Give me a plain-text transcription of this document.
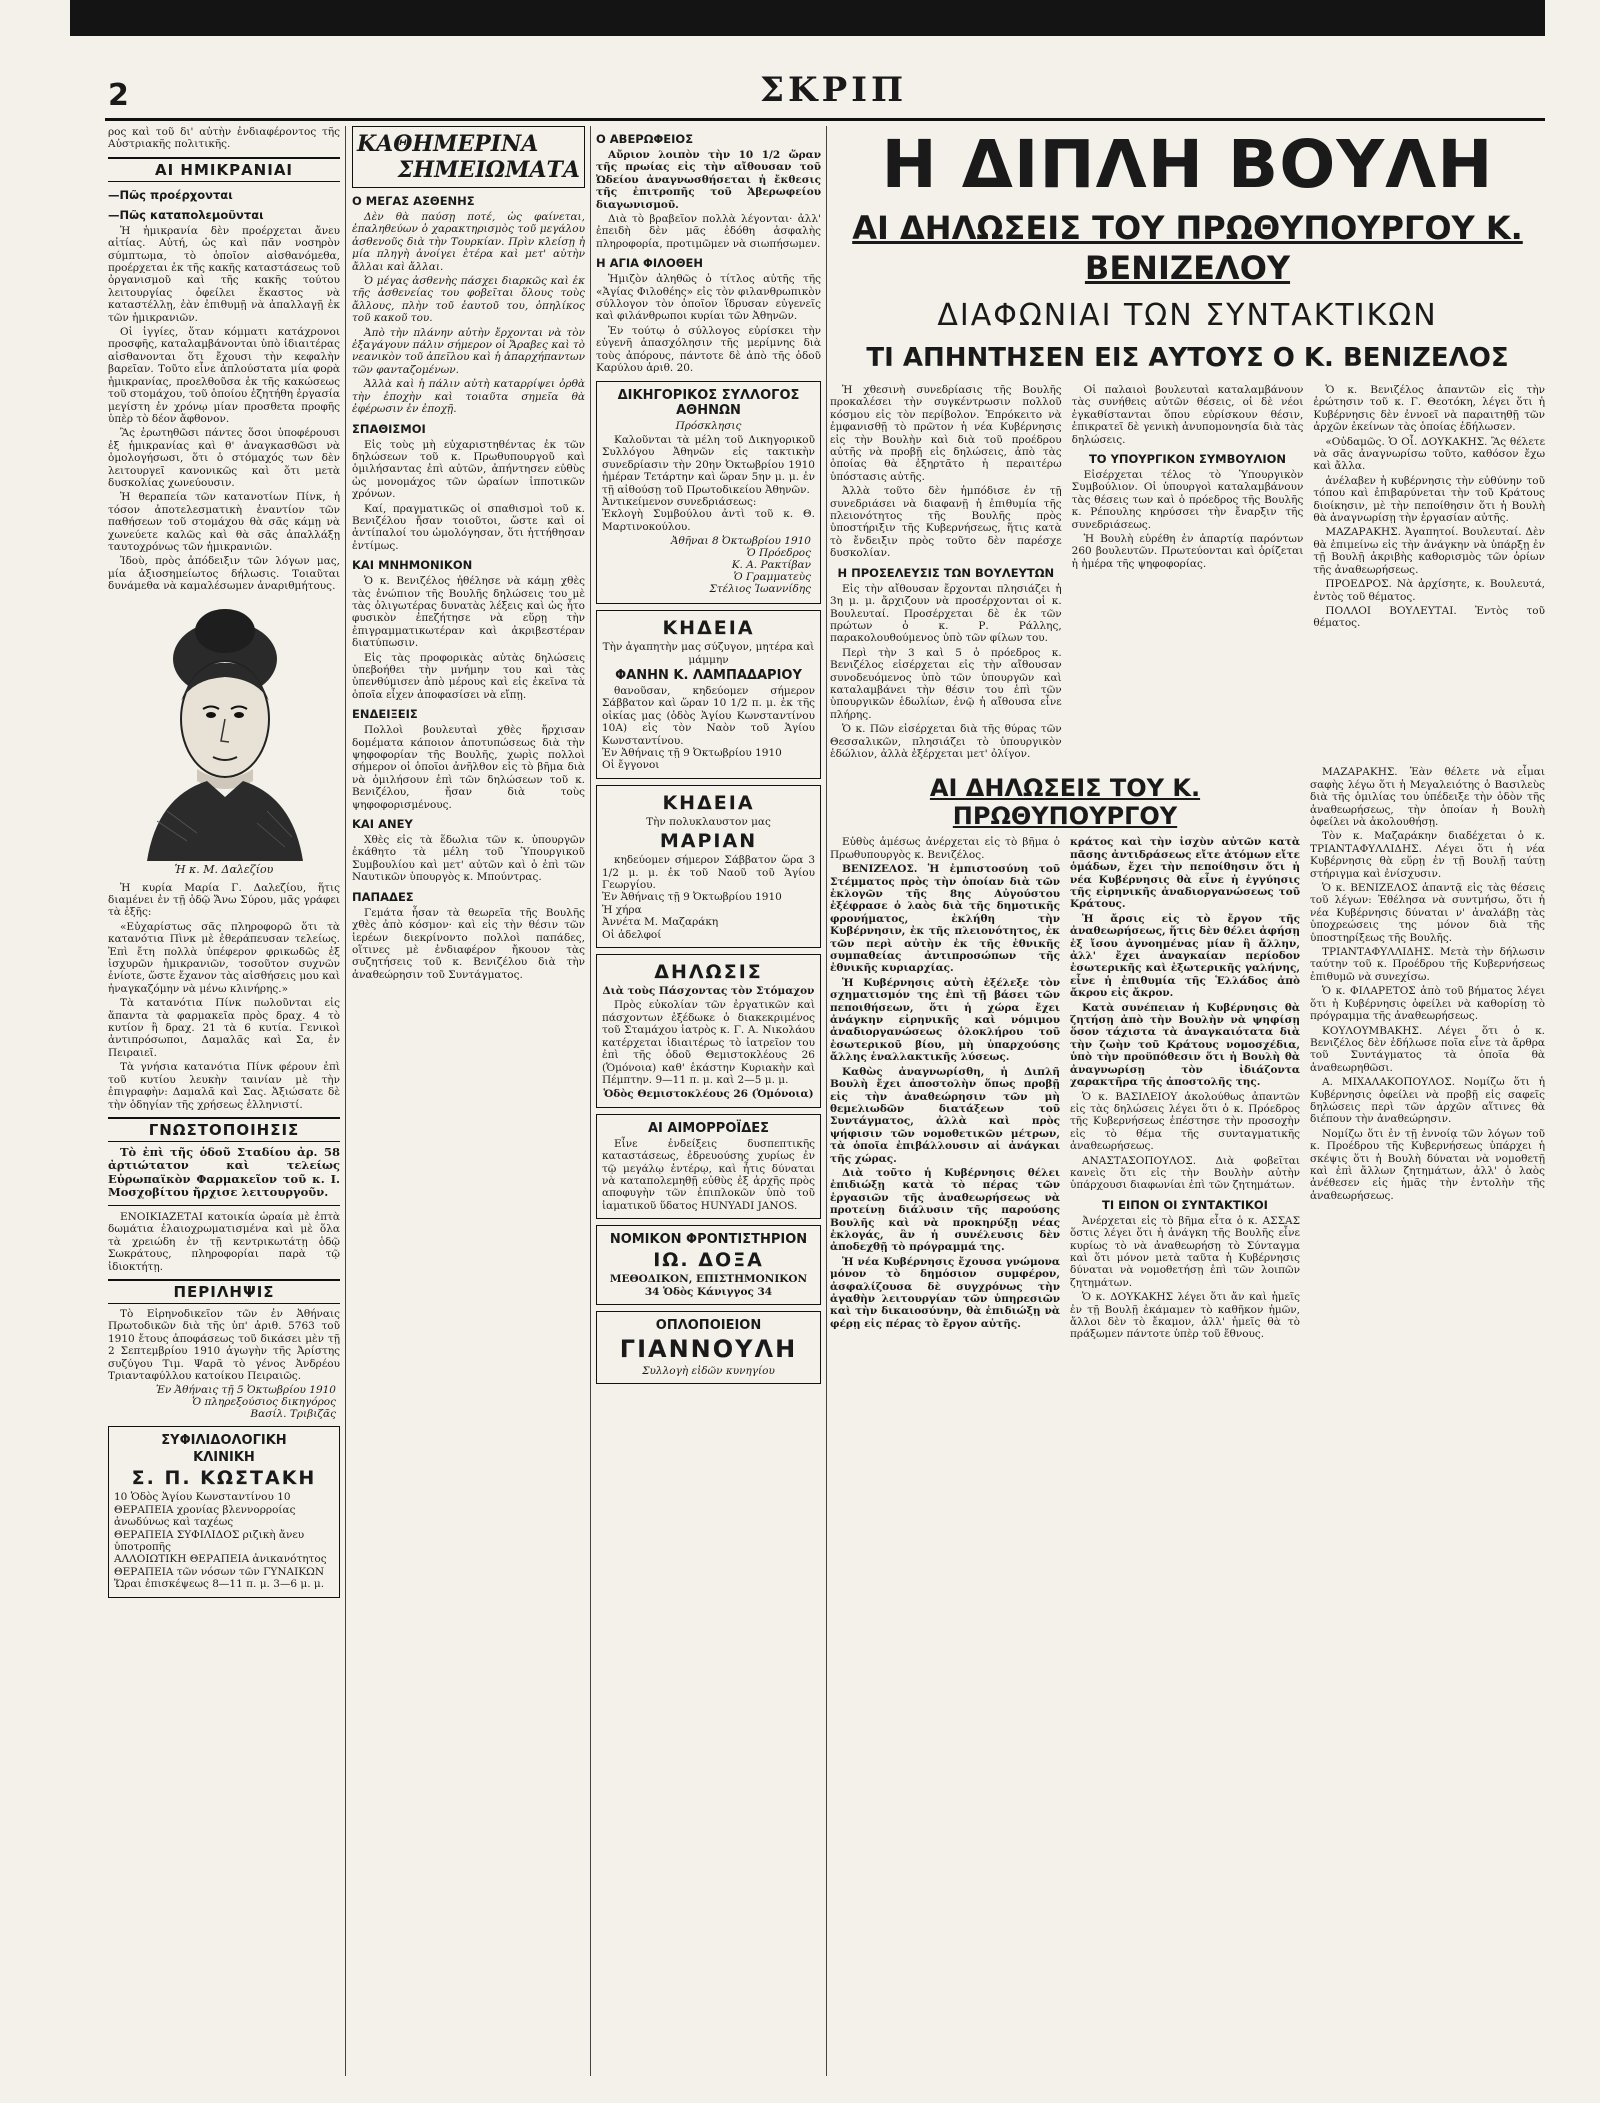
2	ΣΚΡΙΠ

ρος καὶ τοῦ δι' αὐτὴν ἐνδιαφέροντος τῆς Αὐστριακῆς πολιτικῆς.

ΑΙ ΗΜΙΚΡΑΝΙΑΙ
—Πῶς προέρχονται
—Πῶς καταπολεμοῦνται

Ἡ ἡμικρανία δὲν προέρχεται ἄνευ αἰτίας. Αὐτή, ὡς καὶ πᾶν νοσηρὸν σύμπτωμα, τὸ ὁποῖον αἰσθανόμεθα, προέρχεται ἐκ τῆς κακῆς καταστάσεως τοῦ ὀργανισμοῦ καὶ τῆς κακῆς τούτου λειτουργίας ὀφείλει ἕκαστος νὰ καταστέλλῃ, ἐὰν ἐπιθυμῇ νὰ ἀπαλλαγῇ ἐκ τῶν ἡμικρανιῶν.

Οἱ ἰγγίες, ὅταν κόμματι κατάχρονοι προσφῆς, καταλαμβάνονται ὑπὸ ἰδιαιτέρας αἰσθανονται ὅτι ἔχουσι τὴν κεφαλὴν βαρεῖαν. Τοῦτο εἶνε ἀπλούστατα μία φορὰ ἡμικρανίας, προελθοῦσα ἐκ τῆς κακώσεως τοῦ στομάχου, τοῦ ὁποίου ἐζητήθη ἐργασία μεγίστη ἐν χρόνῳ μίαν προσθετα προφῆς ὑπὲρ τὸ δέον ἄφθονον.

Ἂς ἐρωτηθῶσι πάντες ὅσοι ὑποφέρουσι ἐξ ἡμικρανίας καὶ θ' ἀναγκασθῶσι νὰ ὁμολογήσωσι, ὅτι ὁ στόμαχός των δὲν λειτουργεῖ κανονικῶς καὶ ὅτι μετὰ δυσκολίας χωνεύουσιν.

Ἡ θεραπεία τῶν κατανοτίων Πίνκ, ἡ τόσον ἀποτελεσματικὴ ἐναντίον τῶν παθήσεων τοῦ στομάχου θὰ σᾶς κάμῃ νὰ χωνεύετε καλῶς καὶ θὰ σᾶς ἀπαλλάξῃ ταυτοχρόνως τῶν ἡμικρανιῶν.

Ἰδοὺ, πρὸς ἀπόδειξιν τῶν λόγων μας, μία ἀξιοσημείωτος δήλωσις. Τοιαῦται δυνάμεθα νὰ καμαλέσωμεν ἀναριθμήτους.

Ἡ κ. Μ. Δαλεζίου

Ἡ κυρία Μαρία Γ. Δαλεζίου, ἥτις διαμένει ἐν τῇ ὁδῷ Ἄνω Σύρου, μᾶς γράφει τὰ ἑξῆς:

«Εὐχαρίστως σᾶς πληροφορῶ ὅτι τὰ κατανότια Πὶνκ μὲ ἐθεράπευσαν τελείως. Ἐπὶ ἔτη πολλὰ ὑπέφερον φρικωδῶς ἐξ ἰσχυρῶν ἡμικρανιῶν, τοσοῦτον συχνῶν ἐνίοτε, ὥστε ἔχανον τὰς αἰσθήσεις μου καὶ ἠναγκαζόμην νὰ μένω κλινήρης.»

Τὰ κατανότια Πίνκ πωλοῦνται εἰς ἅπαντα τὰ φαρμακεῖα πρὸς δραχ. 4 τὸ κυτίον ἢ δραχ. 21 τὰ 6 κυτία. Γενικοὶ ἀντιπρόσωποι, Δαμαλᾶς καὶ Σα, ἐν Πειραιεῖ.

Τὰ γνήσια κατανότια Πίνκ φέρουν ἐπὶ τοῦ κυτίου λευκὴν ταινίαν μὲ τὴν ἐπιγραφὴν: Δαμαλᾶ καὶ Σας. Ἀξιώσατε δὲ τὴν ὁδηγίαν τῆς χρήσεως ἑλληνιστί.

ΓΝΩΣΤΟΠΟΙΗΣΙΣ

Τὸ ἐπὶ τῆς ὁδοῦ Σταδίου ἀρ. 58 ἀρτιώτατον καὶ τελείως Εὐρωπαϊκὸν Φαρμακεῖον τοῦ κ. Ι. Μοσχοβίτου ἤρχισε λειτουργοῦν.

ΕΝΟΙΚΙΑΖΕΤΑΙ κατοικία ὡραία μὲ ἑπτὰ δωμάτια ἐλαιοχρωματισμένα καὶ μὲ ὅλα τὰ χρειώδη ἐν τῇ κεντρικωτάτῃ ὁδῷ Σωκράτους, πληροφορίαι παρὰ τῷ ἰδιοκτήτῃ.

ΠΕΡΙΛΗΨΙΣ

Τὸ Εἰρηνοδικεῖον τῶν ἐν Ἀθήναις Πρωτοδικῶν διὰ τῆς ὑπ' ἀριθ. 5763 τοῦ 1910 ἔτους ἀποφάσεως τοῦ δικάσει μὲν τῇ 2 Σεπτεμβρίου 1910 ἀγωγὴν τῆς Ἀρίστης συζύγου Τιμ. Ψαρᾶ τὸ γένος Ἀνδρέου Τριανταφύλλου κατοίκου Πειραιῶς.

Ἐν Ἀθήναις τῇ 5 Ὀκτωβρίου 1910
Ὁ πληρεξούσιος δικηγόρος
Βασίλ. Τριβιζᾶς
ΣΥΦΙΛΙΔΟΛΟΓΙΚΗ
ΚΛΙΝΙΚΗ
Σ. Π. ΚΩΣΤΑΚΗ
10 Ὁδὸς Ἁγίου Κωνσταντίνου 10
ΘΕΡΑΠΕΙΑ χρονίας βλεννορροίας ἀνωδύνως καὶ ταχέως
ΘΕΡΑΠΕΙΑ ΣΥΦΙΛΙΔΟΣ ριζικὴ ἄνευ ὑποτροπῆς
ΑΛΛΟΙΩΤΙΚΗ ΘΕΡΑΠΕΙΑ ἀνικανότητος
ΘΕΡΑΠΕΙΑ τῶν νόσων τῶν ΓΥΝΑΙΚΩΝ
Ὥραι ἐπισκέψεως 8—11 π. μ. 3—6 μ. μ.
ΚΑΘΗΜΕΡΙΝΑ
ΣΗΜΕΙΩΜΑΤΑ
Ο ΜΕΓΑΣ ΑΣΘΕΝΗΣ

Δὲν θὰ παύσῃ ποτέ, ὡς φαίνεται, ἐπαληθεύων ὁ χαρακτηρισμὸς τοῦ μεγάλου ἀσθενοῦς διὰ τὴν Τουρκίαν. Πρὶν κλείσῃ ἡ μία πληγὴ ἀνοίγει ἑτέρα καὶ μετ' αὐτὴν ἄλλαι καὶ ἄλλαι.

Ὁ μέγας ἀσθενὴς πάσχει διαρκῶς καὶ ἐκ τῆς ἀσθενείας του φοβεῖται ὅλους τοὺς ἄλλους, πλὴν τοῦ ἑαυτοῦ του, ὁπηλίκος τοῦ κακοῦ του.

Ἀπὸ τὴν πλάνην αὐτὴν ἔρχονται νὰ τὸν ἐξαγάγουν πάλιν σήμερον οἱ Ἄραβες καὶ τὸ νεανικὸν τοῦ ἀπεῖλου καὶ ἡ ἀπαρχήπαντων τῶν φανταζομένων.

Ἀλλὰ καὶ ἡ πάλιν αὐτὴ καταρρίψει ὀρθὰ τὴν ἐποχὴν καὶ τοιαῦτα σημεῖα θὰ ἐφέρωσιν ἐν ἐποχῇ.

ΣΠΑΘΙΣΜΟΙ

Εἰς τοὺς μὴ εὐχαριστηθέντας ἐκ τῶν δηλώσεων τοῦ κ. Πρωθυπουργοῦ καὶ ὁμιλήσαντας ἐπὶ αὐτῶν, ἀπήντησεν εὐθὺς ὡς μονομάχος τῶν ὡραίων ἱπποτικῶν χρόνων.

Καί, πραγματικῶς οἱ σπαθισμοὶ τοῦ κ. Βενιζέλου ἤσαν τοιοῦτοι, ὥστε καὶ οἱ ἀντίπαλοί του ὡμολόγησαν, ὅτι ἡττήθησαν ἐντίμως.

ΚΑΙ ΜΝΗΜΟΝΙΚΟΝ

Ὁ κ. Βενιζέλος ἠθέλησε νὰ κάμῃ χθὲς τὰς ἐνώπιον τῆς Βουλῆς δηλώσεις του μὲ τὰς ὀλιγωτέρας δυνατὰς λέξεις καὶ ὡς ἦτο φυσικὸν ἐπεζήτησε νὰ εὕρῃ τὴν ἐπιγραμματικωτέραν καὶ ἀκριβεστέραν διατύπωσιν.

Εἰς τὰς προφορικὰς αὐτὰς δηλώσεις ὑπεβοήθει τὴν μνήμην του καὶ τὰς ὑπενθύμισεν ἀπὸ μέρους καὶ εἰς ἐκεῖνα τὰ ὁποῖα εἶχεν ἀποφασίσει νὰ εἴπῃ.

ΕΝΔΕΙΞΕΙΣ

Πολλοὶ βουλευταὶ χθὲς ἤρχισαν δομέματα κάποιον ἀποτυπώσεως διὰ τὴν ψηφοφορίαν τῆς Βουλῆς, χωρὶς πολλοὶ σήμερον οἱ ὁποῖοι ἀνῆλθον εἰς τὸ βῆμα διὰ νὰ ὁμιλήσουν ἐπὶ τῶν δηλώσεων τοῦ κ. Βενιζέλου, ἤσαν διὰ τοὺς ψηφοφορισμένους.

ΚΑΙ ΑΝΕΥ

Χθὲς εἰς τὰ ἕδωλια τῶν κ. ὑπουργῶν ἐκάθητο τὰ μέλη τοῦ Ὑπουργικοῦ Συμβουλίου καὶ μετ' αὐτῶν καὶ ὁ ἐπὶ τῶν Ναυτικῶν ὑπουργὸς κ. Μπούντρας.

ΠΑΠΑΔΕΣ

Γεμάτα ἦσαν τὰ θεωρεῖα τῆς Βουλῆς χθὲς ἀπὸ κόσμον· καὶ εἰς τὴν θέσιν τῶν ἱερέων διεκρίνοντο πολλοὶ παπάδες, οἵτινες μὲ ἐνδιαφέρον ἤκουον τὰς συζητήσεις τοῦ κ. Βενιζέλου διὰ τὴν ἀναθεώρησιν τοῦ Συντάγματος.

Ο ΑΒΕΡΩΦΕΙΟΣ

Αὔριον λοιπὸν τὴν 10 1/2 ὥραν τῆς πρωίας εἰς τὴν αἴθουσαν τοῦ Ὠδείου ἀναγνωσθήσεται ἡ ἔκθεσις τῆς ἐπιτροπῆς τοῦ Ἀβερωφείου διαγωνισμοῦ.

Διὰ τὸ βραβεῖον πολλὰ λέγονται· ἀλλ' ἐπειδὴ δὲν μᾶς ἐδόθη ἀσφαλὴς πληροφορία, προτιμῶμεν νὰ σιωπήσωμεν.

Η ΑΓΙΑ ΦΙΛΟΘΕΗ

Ἡμιζὸν ἀληθῶς ὁ τίτλος αὐτῆς τῆς «Ἁγίας Φιλοθέης» εἰς τὸν φιλανθρωπικὸν σύλλογον τὸν ὁποῖον ἵδρυσαν εὐγενεῖς καὶ φιλάνθρωποι κυρίαι τῶν Ἀθηνῶν.

Ἐν τούτῳ ὁ σύλλογος εὐρίσκει τὴν εὐγενῆ ἀπασχόλησιν τῆς μερίμνης διὰ τοὺς ἀπόρους, πάντοτε δὲ ἀπὸ τῆς ὁδοῦ Καρύλου ἀριθ. 20.

ΔΙΚΗΓΟΡΙΚΟΣ ΣΥΛΛΟΓΟΣ ΑΘΗΝΩΝ
Πρόσκλησις

Καλοῦνται τὰ μέλη τοῦ Δικηγορικοῦ Συλλόγου Ἀθηνῶν εἰς τακτικὴν συνεδρίασιν τὴν 20ην Ὀκτωβρίου 1910 ἡμέραν Τετάρτην καὶ ὥραν 5ην μ. μ. ἐν τῇ αἰθούσῃ τοῦ Πρωτοδικείου Ἀθηνῶν.
Ἀντικείμενον συνεδριάσεως:
Ἐκλογὴ Συμβούλου ἀντὶ τοῦ κ. Θ. Μαρτινοκούλου.

Ἀθῆναι 8 Ὀκτωβρίου 1910
Ὁ Πρόεδρος
Κ. Α. Ρακτίβαν
Ὁ Γραμματεὺς
Στέλιος Ἰωαννίδης
ΚΗΔΕΙΑ
Τὴν ἀγαπητὴν μας σύζυγον, μητέρα καὶ μάμμην
ΦΑΝΗΝ Κ. ΛΑΜΠΑΔΑΡΙΟΥ

θανοῦσαν, κηδεύομεν σήμερον Σάββατον καὶ ὥραν 10 1/2 π. μ. ἐκ τῆς οἰκίας μας (ὁδὸς Ἁγίου Κωνσταντίνου 10Α) εἰς τὸν Ναὸν τοῦ Ἁγίου Κωνσταντίνου.
Ἐν Ἀθήναις τῇ 9 Ὀκτωβρίου 1910
Οἱ ἔγγονοι

ΚΗΔΕΙΑ
Τὴν πολυκλαυστον μας
ΜΑΡΙΑΝ

κηδεύομεν σήμερον Σάββατον ὥρα 3 1/2 μ. μ. ἐκ τοῦ Ναοῦ τοῦ Ἁγίου Γεωργίου.
Ἐν Ἀθήναις τῇ 9 Ὀκτωβρίου 1910
Ἡ χήρα
Ἀννέτα Μ. Μαζαράκη
Οἱ ἀδελφοί

ΔΗΛΩΣΙΣ
Διὰ τοὺς Πάσχοντας τὸν Στόμαχον

Πρὸς εὐκολίαν τῶν ἐργατικῶν καὶ πάσχοντων ἐξέδωκε ὁ διακεκριμένος τοῦ Σταμάχου ἰατρὸς κ. Γ. Α. Νικολάου κατέρχεται ἰδιαιτέρως τὸ ἰατρεῖον του ἐπὶ τῆς ὁδοῦ Θεμιστοκλέους 26 (Ὁμόνοια) καθ' ἑκάστην Κυριακὴν καὶ Πέμπτην. 9—11 π. μ. καὶ 2—5 μ. μ.

Ὁδὸς Θεμιστοκλέους 26 (Ὁμόνοια)
ΑΙ ΑΙΜΟΡΡΟΪΔΕΣ

Εἶνε ἐνδείξεις δυσπεπτικῆς καταστάσεως, ἐδρευούσης χυρίως ἐν τῷ μεγάλῳ ἐντέρῳ, καὶ ἦτις δύναται νὰ καταπολεμηθῇ εὐθὺς ἐξ ἀρχῆς πρὸς αποφυγὴν τῶν ἐπιπλοκῶν ὑπὸ τοῦ ἰαματικοῦ ὕδατος HUNYADI JANOS.

ΝΟΜΙΚΟΝ ΦΡΟΝΤΙΣΤΗΡΙΟΝ
ΙΩ. ΔΟΞΑ
ΜΕΘΟΔΙΚΟΝ, ΕΠΙΣΤΗΜΟΝΙΚΟΝ
34 Ὁδὸς Κάνιγγος 34
ΟΠΛΟΠΟΙΕΙΟΝ
ΓΙΑΝΝΟΥΛΗ
Συλλογὴ εἰδῶν κυνηγίου
Η ΔΙΠΛΗ ΒΟΥΛΗ
ΑΙ ΔΗΛΩΣΕΙΣ ΤΟΥ ΠΡΩΘΥΠΟΥΡΓΟΥ Κ. ΒΕΝΙΖΕΛΟΥ
ΔΙΑΦΩΝΙΑΙ ΤΩΝ ΣΥΝΤΑΚΤΙΚΩΝ
ΤΙ ΑΠΗΝΤΗΣΕΝ ΕΙΣ ΑΥΤΟΥΣ Ο Κ. ΒΕΝΙΖΕΛΟΣ

Ἡ χθεσινὴ συνεδρίασις τῆς Βουλῆς προκαλέσει τὴν συγκέντρωσιν πολλοῦ κόσμου εἰς τὸν περίβολον. Ἐπρόκειτο νὰ ἐμφανισθῇ τὸ πρῶτον ἡ νέα Κυβέρνησις εἰς τὴν Βουλὴν καὶ διὰ τοῦ προέδρου αὐτῆς νὰ προβῇ εἰς δηλώσεις, ἀπὸ τὰς ὁποίας θὰ ἐξηρτᾶτο ἡ περαιτέρω ὑπόστασις αὐτῆς.

Ἀλλὰ τοῦτο δὲν ἠμπόδισε ἐν τῇ συνεδριάσει νὰ διαφανῇ ἡ ἐπιθυμία τῆς πλειονότητος τῆς Βουλῆς πρὸς ὑποστήριξιν τῆς Κυβερνήσεως, ἥτις κατὰ τὸ ἔνδειξιν πρὸς τοῦτο δὲν παρέσχε δυσκολίαν.

Η ΠΡΟΣΕΛΕΥΣΙΣ ΤΩΝ ΒΟΥΛΕΥΤΩΝ

Εἰς τὴν αἴθουσαν ἔρχονται πλησιάζει ἡ 3η μ. μ. ἄρχιζουν νὰ προσέρχονται οἱ κ. Βουλευταί. Προσέρχεται δὲ ἐκ τῶν πρώτων ὁ κ. Ρ. Ράλλης, παρακολουθούμενος ὑπὸ τῶν φίλων του.

Περὶ τὴν 3 καὶ 5 ὁ πρόεδρος κ. Βενιζέλος εἰσέρχεται εἰς τὴν αἴθουσαν συνοδευόμενος ὑπὸ τῶν ὑπουργῶν καὶ καταλαμβάνει τὴν θέσιν του ἐπὶ τῶν ὑπουργικῶν ἑδωλίων, ἐνῷ ἡ αἴθουσα εἶνε πλήρης.

Ὁ κ. Πῶν εἰσέρχεται διὰ τῆς θύρας τῶν Θεσσαλικῶν, πλησιάζει τὸ ὑπουργικὸν ἑδώλιον, ἀλλὰ ἐξέρχεται μετ' ὀλίγον.

Οἱ παλαιοὶ βουλευταὶ καταλαμβάνουν τὰς συνήθεις αὐτῶν θέσεις, οἱ δὲ νέοι ἐγκαθίστανται ὅπου εὑρίσκουν θέσιν, ἐπικρατεῖ δὲ γενικὴ ἀνυπομονησία διὰ τὰς δηλώσεις.

ΤΟ ΥΠΟΥΡΓΙΚΟΝ ΣΥΜΒΟΥΛΙΟΝ

Εἰσέρχεται τέλος τὸ Ὑπουργικὸν Συμβούλιον. Οἱ ὑπουργοὶ καταλαμβάνουν τὰς θέσεις των καὶ ὁ πρόεδρος τῆς Βουλῆς κ. Ρέπουλης κηρύσσει τὴν ἔναρξιν τῆς συνεδριάσεως.

Ἡ Βουλὴ εὑρέθη ἐν ἀπαρτίᾳ παρόντων 260 βουλευτῶν. Πρωτεύονται καὶ ὁρίζεται ἡ ἡμέρα τῆς ψηφοφορίας.

Ὁ κ. Βενιζέλος ἀπαντῶν εἰς τὴν ἐρώτησιν τοῦ κ. Γ. Θεοτόκη, λέγει ὅτι ἡ Κυβέρνησις δὲν ἐννοεῖ νὰ παραιτηθῇ τῶν ἀρχῶν ἐκείνων τὰς ὁποίας ἐδήλωσεν.

«Οὐδαμῶς. Ὁ Οἶ. ΔΟΥΚΑΚΗΣ. Ἂς θέλετε νὰ σᾶς ἀναγνωρίσω τοῦτο, καθόσον ἔχω καὶ ἄλλα.

ἀνέλαβεν ἡ κυβέρνησις τὴν εὐθύνην τοῦ τόπου καὶ ἐπιβαρύνεται τὴν τοῦ Κράτους διοίκησιν, μὲ τὴν πεποίθησιν ὅτι ἡ Βουλὴ θὰ ἀναγνωρίσῃ τὴν ἐργασίαν αὐτῆς.

ΜΑΖΑΡΑΚΗΣ. Ἀγαπητοί. Βουλευταί. Δὲν θὰ ἐπιμείνω εἰς τὴν ἀνάγκην νὰ ὑπάρξῃ ἐν τῇ Βουλῇ ἀκριβὴς καθορισμὸς τῶν ὁρίων τῆς ἀναθεωρήσεως.

ΠΡΟΕΔΡΟΣ. Νὰ ἀρχίσητε, κ. Βουλευτά, ἐντὸς τοῦ θέματος.

ΠΟΛΛΟΙ ΒΟΥΛΕΥΤΑΙ. Ἐντὸς τοῦ θέματος.

ΑΙ ΔΗΛΩΣΕΙΣ ΤΟΥ Κ. ΠΡΩΘΥΠΟΥΡΓΟΥ

Εὐθὺς ἀμέσως ἀνέρχεται εἰς τὸ βῆμα ὁ Πρωθυπουργὸς κ. Βενιζέλος.

ΒΕΝΙΖΕΛΟΣ. Ἡ ἐμπιστοσύνη τοῦ Στέμματος πρὸς τὴν ὁποίαν διὰ τῶν ἐκλογῶν τῆς 8ης Αὐγούστου ἐξέφρασε ὁ λαὸς διὰ τῆς δημοτικῆς φρονήματος, ἐκλήθη τὴν Κυβέρνησιν, ἐκ τῆς πλειονότητος, ἐκ τῶν περὶ αὐτὴν ἐκ τῆς ἐθνικῆς συμπαθείας ἀντιπροσώπων τῆς ἐθνικῆς κυριαρχίας.

Ἡ Κυβέρνησις αὐτὴ ἐξέλεξε τὸν σχηματισμόν της ἐπὶ τῇ βάσει τῶν πεποιθήσεων, ὅτι ἡ χώρα ἔχει ἀνάγκην εἰρηνικῆς καὶ νόμιμου ἀναδιοργανώσεως ὁλοκλήρου τοῦ ἐσωτερικοῦ βίου, μὴ ὑπαρχούσης ἄλλης ἐναλλακτικῆς λύσεως.

Καθὼς ἀναγνωρίσθη, ἡ Διπλῆ Βουλὴ ἔχει ἀποστολὴν ὅπως προβῇ εἰς τὴν ἀναθεώρησιν τῶν μὴ θεμελιωδῶν διατάξεων τοῦ Συντάγματος, ἀλλὰ καὶ πρὸς ψήφισιν τῶν νομοθετικῶν μέτρων, τὰ ὁποῖα ἐπιβάλλουσιν αἱ ἀνάγκαι τῆς χώρας.

Διὰ τοῦτο ἡ Κυβέρνησις θέλει ἐπιδιώξῃ κατὰ τὸ πέρας τῶν ἐργασιῶν τῆς ἀναθεωρήσεως νὰ προτείνῃ διάλυσιν τῆς παρούσης Βουλῆς καὶ νὰ προκηρύξῃ νέας ἐκλογάς, ἂν ἡ συνέλευσις δὲν ἀποδεχθῇ τὸ πρόγραμμά της.

Ἡ νέα Κυβέρνησις ἔχουσα γνώμονα μόνον τὸ δημόσιον συμφέρον, ἀσφαλίζουσα δὲ συγχρόνως τὴν ἀγαθὴν λειτουργίαν τῶν ὑπηρεσιῶν καὶ τὴν δικαιοσύνην, θὰ ἐπιδιώξῃ νὰ φέρῃ εἰς πέρας τὸ ἔργον αὐτῆς.

κράτος καὶ τὴν ἰσχὺν αὐτῶν κατὰ πᾶσης ἀντιδράσεως εἴτε ἀτόμων εἴτε ὁμάδων, ἔχει τὴν πεποίθησιν ὅτι ἡ νέα Κυβέρνησις θὰ εἶνε ἡ ἐγγύησις τῆς εἰρηνικῆς ἀναδιοργανώσεως τοῦ Κράτους.

Ἡ ἄρσις εἰς τὸ ἔργον τῆς ἀναθεωρήσεως, ἥτις δὲν θέλει ἀφήσῃ ἐξ ἴσου ἀγνοημένας μίαν ἢ ἄλλην, ἀλλ' ἔχει ἀναγκαίαν περίοδον ἐσωτερικῆς καὶ ἐξωτερικῆς γαλήνης, εἶνε ἡ ἐπιθυμία τῆς Ἑλλάδος ἀπὸ ἄκρου εἰς ἄκρον.

Κατὰ συνέπειαν ἡ Κυβέρνησις θὰ ζητήσῃ ἀπὸ τὴν Βουλὴν νὰ ψηφίσῃ ὅσον τάχιστα τὰ ἀναγκαιότατα διὰ τὴν ζωὴν τοῦ Κράτους νομοσχέδια, ὑπὸ τὴν προϋπόθεσιν ὅτι ἡ Βουλὴ θὰ ἀναγνωρίσῃ τὸν ἰδιάζοντα χαρακτῆρα τῆς ἀποστολῆς της.

Ὁ κ. ΒΑΣΙΛΕΙΟΥ ἀκολούθως ἀπαντῶν εἰς τὰς δηλώσεις λέγει ὅτι ὁ κ. Πρόεδρος τῆς Κυβερνήσεως ἐπέστησε τὴν προσοχὴν εἰς τὸ θέμα τῆς συνταγματικῆς ἀναθεωρήσεως.

ΑΝΑΣΤΑΣΟΠΟΥΛΟΣ. Διὰ φοβεῖται κανεὶς ὅτι εἰς τὴν Βουλὴν αὐτὴν ὑπάρχουσι διαφωνίαι ἐπὶ τῶν ζητημάτων.

ΤΙ ΕΙΠΟΝ ΟΙ ΣΥΝΤΑΚΤΙΚΟΙ

Ἀνέρχεται εἰς τὸ βῆμα εἶτα ὁ κ. ΑΣΣΑΣ ὅστις λέγει ὅτι ἡ ἀνάγκη τῆς Βουλῆς εἶνε κυρίως τὸ νὰ ἀναθεωρήσῃ τὸ Σύνταγμα καὶ ὅτι μόνον μετὰ ταῦτα ἡ Κυβέρνησις δύναται νὰ νομοθετήσῃ ἐπὶ τῶν λοιπῶν ζητημάτων.

Ὁ κ. ΔΟΥΚΑΚΗΣ λέγει ὅτι ἄν καὶ ἡμεῖς ἐν τῇ Βουλῇ ἐκάμαμεν τὸ καθῆκον ἡμῶν, ἄλλοι δὲν τὸ ἔκαμον, ἀλλ' ἡμεῖς θὰ τὸ πράξωμεν πάντοτε ὑπὲρ τοῦ ἔθνους.

ΜΑΖΑΡΑΚΗΣ. Ἐὰν θέλετε νὰ εἶμαι σαφὴς λέγω ὅτι ἡ Μεγαλειότης ὁ Βασιλεὺς διὰ τῆς ὁμιλίας του ὑπέδειξε τὴν ὁδὸν τῆς ἀναθεωρήσεως, τὴν ὁποίαν ἡ Βουλὴ ὀφείλει νὰ ἀκολουθήσῃ.

Τὸν κ. Μαζαράκην διαδέχεται ὁ κ. ΤΡΙΑΝΤΑΦΥΛΛΙΔΗΣ. Λέγει ὅτι ἡ νέα Κυβέρνησις θὰ εὕρῃ ἐν τῇ Βουλῇ ταύτῃ στήριγμα καὶ ἐνίσχυσιν.

Ὁ κ. ΒΕΝΙΖΕΛΟΣ ἀπαντᾷ εἰς τὰς θέσεις τοῦ λέγων: Ἐθέλησα νὰ συντμήσω, ὅτι ἡ νέα Κυβέρνησις δύναται ν' ἀναλάβῃ τὰς ὑποχρεώσεις της μόνον διὰ τῆς ὑποστηρίξεως τῆς Βουλῆς.

ΤΡΙΑΝΤΑΦΥΛΛΙΔΗΣ. Μετὰ τὴν δήλωσιν ταύτην τοῦ κ. Προέδρου τῆς Κυβερνήσεως ἐπιθυμῶ νὰ συνεχίσω.

Ὁ κ. ΦΙΛΑΡΕΤΟΣ ἀπὸ τοῦ βήματος λέγει ὅτι ἡ Κυβέρνησις ὀφείλει νὰ καθορίσῃ τὸ πρόγραμμα τῆς ἀναθεωρήσεως.

ΚΟΥΛΟΥΜΒΑΚΗΣ. Λέγει ὅτι ὁ κ. Βενιζέλος δὲν ἐδήλωσε ποῖα εἶνε τὰ ἄρθρα τοῦ Συντάγματος τὰ ὁποῖα θὰ ἀναθεωρηθῶσι.

Α. ΜΙΧΑΛΑΚΟΠΟΥΛΟΣ. Νομίζω ὅτι ἡ Κυβέρνησις ὀφείλει νὰ προβῇ εἰς σαφεῖς δηλώσεις περὶ τῶν ἀρχῶν αἵτινες θὰ διέπουν τὴν ἀναθεώρησιν.

Νομίζω ὅτι ἐν τῇ ἐννοίᾳ τῶν λόγων τοῦ κ. Προέδρου τῆς Κυβερνήσεως ὑπάρχει ἡ σκέψις ὅτι ἡ Βουλὴ δύναται νὰ νομοθετῇ καὶ ἐπὶ ἄλλων ζητημάτων, ἀλλ' ὁ λαὸς ἀνέθεσεν εἰς ἡμᾶς τὴν ἐντολὴν τῆς ἀναθεωρήσεως.
